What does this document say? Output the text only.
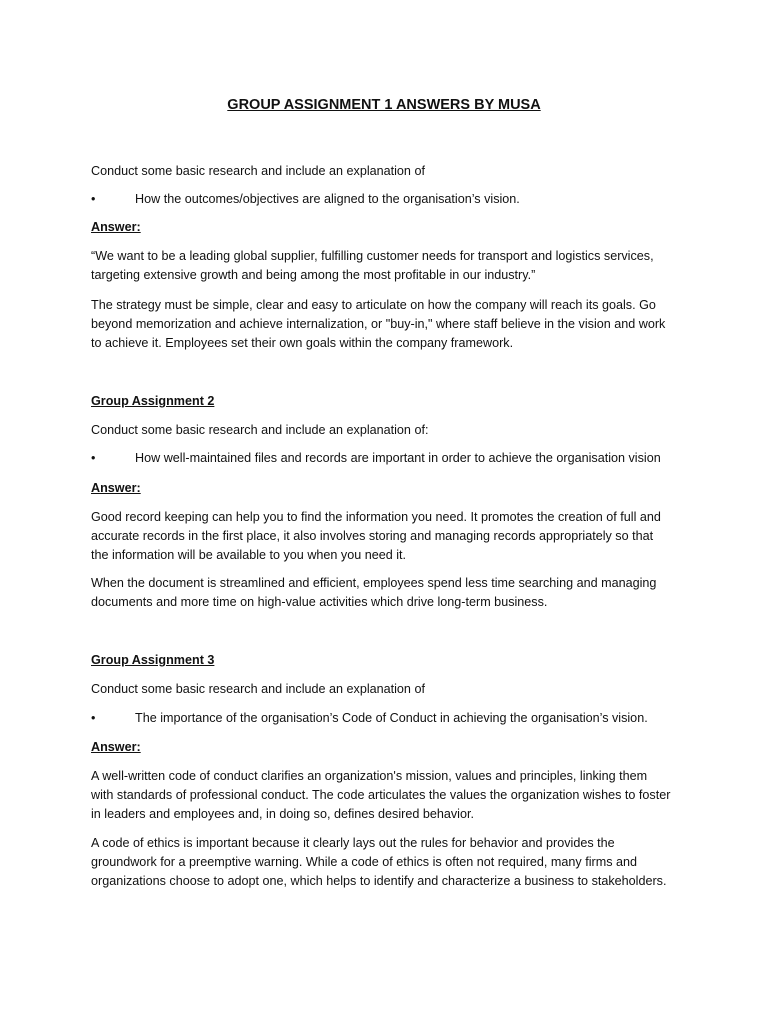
GROUP ASSIGNMENT 1 ANSWERS BY MUSA
Conduct some basic research and include an explanation of
•	How the outcomes/objectives are aligned to the organisation’s vision.
Answer:
“We want to be a leading global supplier, fulfilling customer needs for transport and logistics services,
targeting extensive growth and being among the most profitable in our industry.”
The strategy must be simple, clear and easy to articulate on how the company will reach its goals. Go
beyond memorization and achieve internalization, or "buy-in," where staff believe in the vision and work
to achieve it. Employees set their own goals within the company framework.
Group Assignment 2
Conduct some basic research and include an explanation of:
•	How well-maintained files and records are important in order to achieve the organisation vision
Answer:
Good record keeping can help you to find the information you need. It promotes the creation of full and
accurate records in the first place, it also involves storing and managing records appropriately so that
the information will be available to you when you need it.
When the document is streamlined and efficient, employees spend less time searching and managing
documents and more time on high-value activities which drive long-term business.
Group Assignment 3
Conduct some basic research and include an explanation of
•	The importance of the organisation’s Code of Conduct in achieving the organisation’s vision.
Answer:
A well-written code of conduct clarifies an organization's mission, values and principles, linking them
with standards of professional conduct. The code articulates the values the organization wishes to foster
in leaders and employees and, in doing so, defines desired behavior.
A code of ethics is important because it clearly lays out the rules for behavior and provides the
groundwork for a preemptive warning. While a code of ethics is often not required, many firms and
organizations choose to adopt one, which helps to identify and characterize a business to stakeholders.
